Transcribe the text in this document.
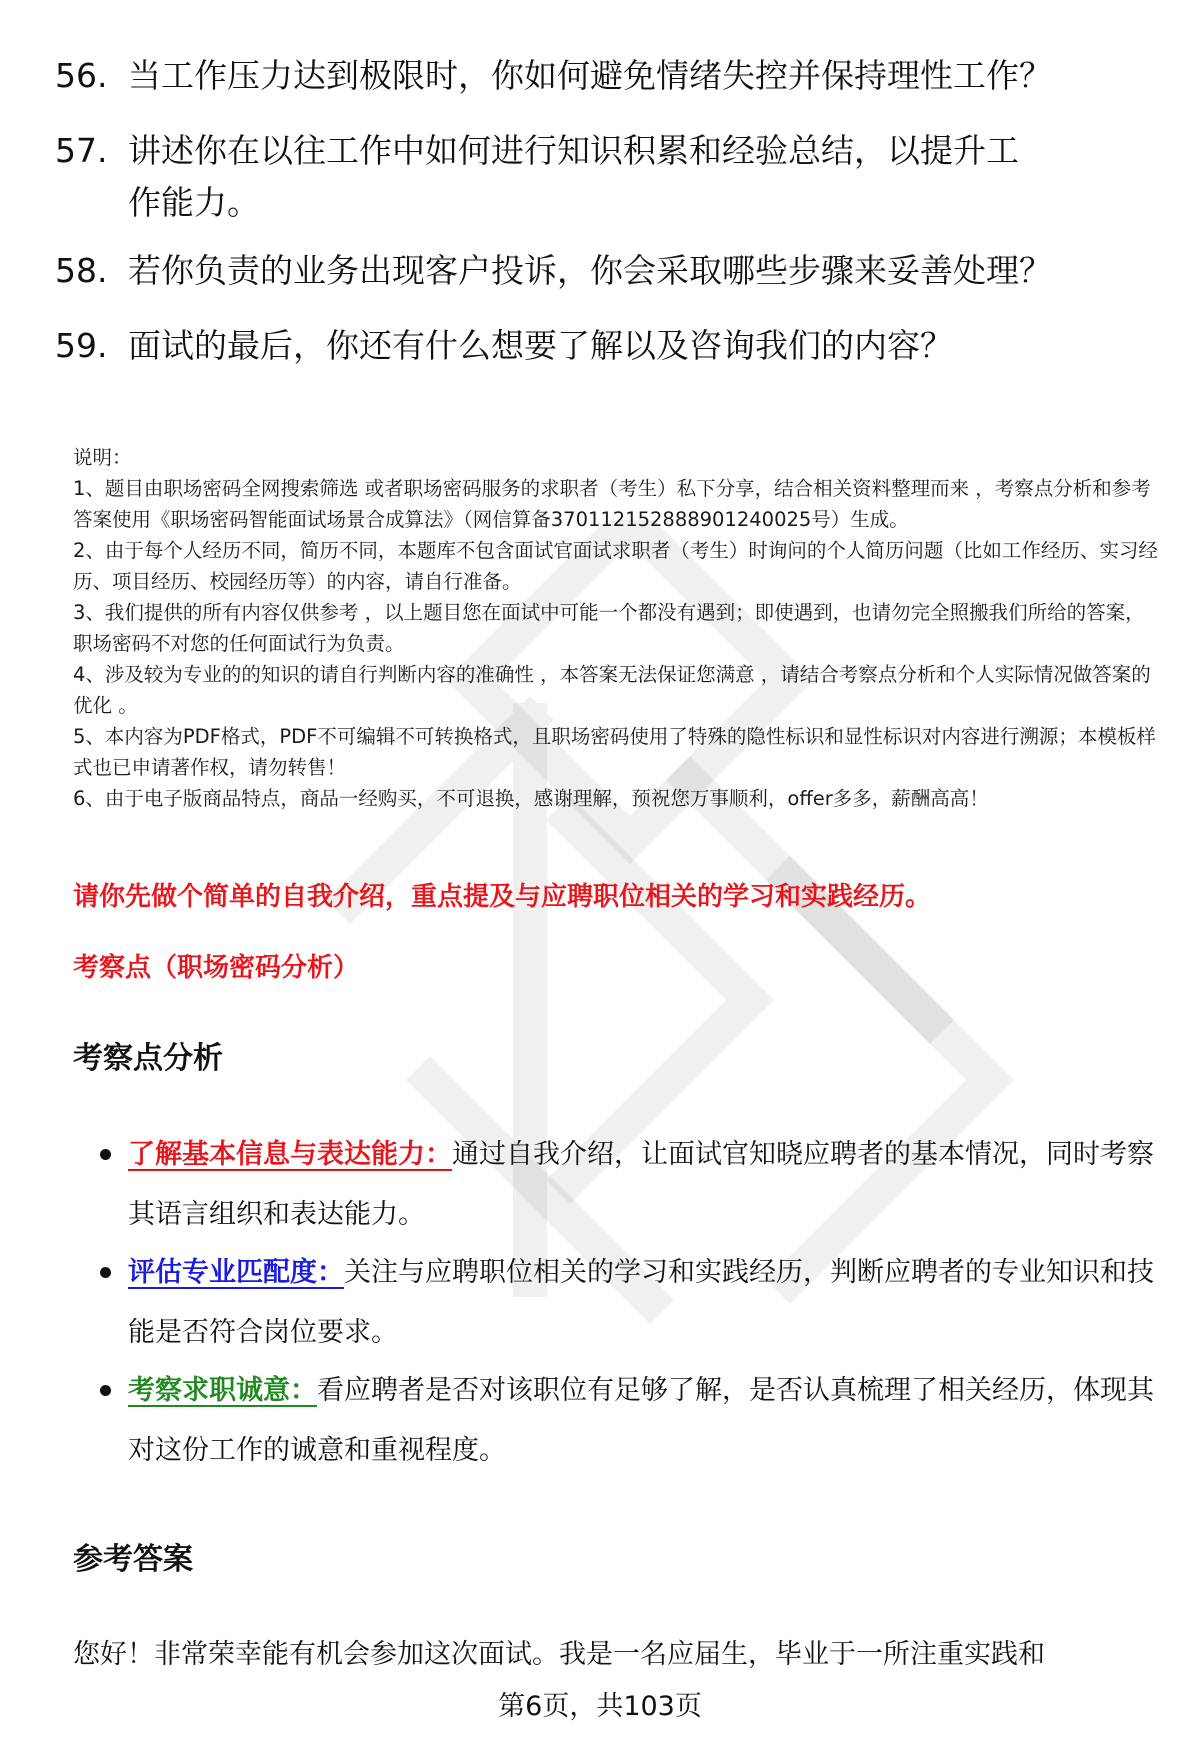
56. 当工作压力达到极限时，你如何避免情绪失控并保持理性工作？
57. 讲述你在以往工作中如何进行知识积累和经验总结，以提升工作能力。
58. 若你负责的业务出现客户投诉，你会采取哪些步骤来妥善处理？
59. 面试的最后，你还有什么想要了解以及咨询我们的内容？
说明：
1、题目由职场密码全网搜索筛选 或者职场密码服务的求职者（考生）私下分享，结合相关资料整理而来 ，考察点分析和参考答案使用《职场密码智能面试场景合成算法》（网信算备370112152888901240025号）生成。
2、由于每个人经历不同，简历不同，本题库不包含面试官面试求职者（考生）时询问的个人简历问题（比如工作经历、实习经历、项目经历、校园经历等）的内容，请自行准备。
3、我们提供的所有内容仅供参考 ，以上题目您在面试中可能一个都没有遇到；即使遇到，也请勿完全照搬我们所给的答案，职场密码不对您的任何面试行为负责。
4、涉及较为专业的的知识的请自行判断内容的准确性 ，本答案无法保证您满意 ，请结合考察点分析和个人实际情况做答案的优化 。
5、本内容为PDF格式，PDF不可编辑不可转换格式，且职场密码使用了特殊的隐性标识和显性标识对内容进行溯源；本模板样式也已申请著作权，请勿转售！
6、由于电子版商品特点，商品一经购买，不可退换，感谢理解，预祝您万事顺利，offer多多，薪酬高高！
请你先做个简单的自我介绍，重点提及与应聘职位相关的学习和实践经历。
考察点（职场密码分析）
考察点分析
了解基本信息与表达能力：通过自我介绍，让面试官知晓应聘者的基本情况，同时考察其语言组织和表达能力。
评估专业匹配度：关注与应聘职位相关的学习和实践经历，判断应聘者的专业知识和技能是否符合岗位要求。
考察求职诚意：看应聘者是否对该职位有足够了解，是否认真梳理了相关经历，体现其对这份工作的诚意和重视程度。
参考答案
您好！非常荣幸能有机会参加这次面试。我是一名应届生，毕业于一所注重实践和
第6页，共103页
